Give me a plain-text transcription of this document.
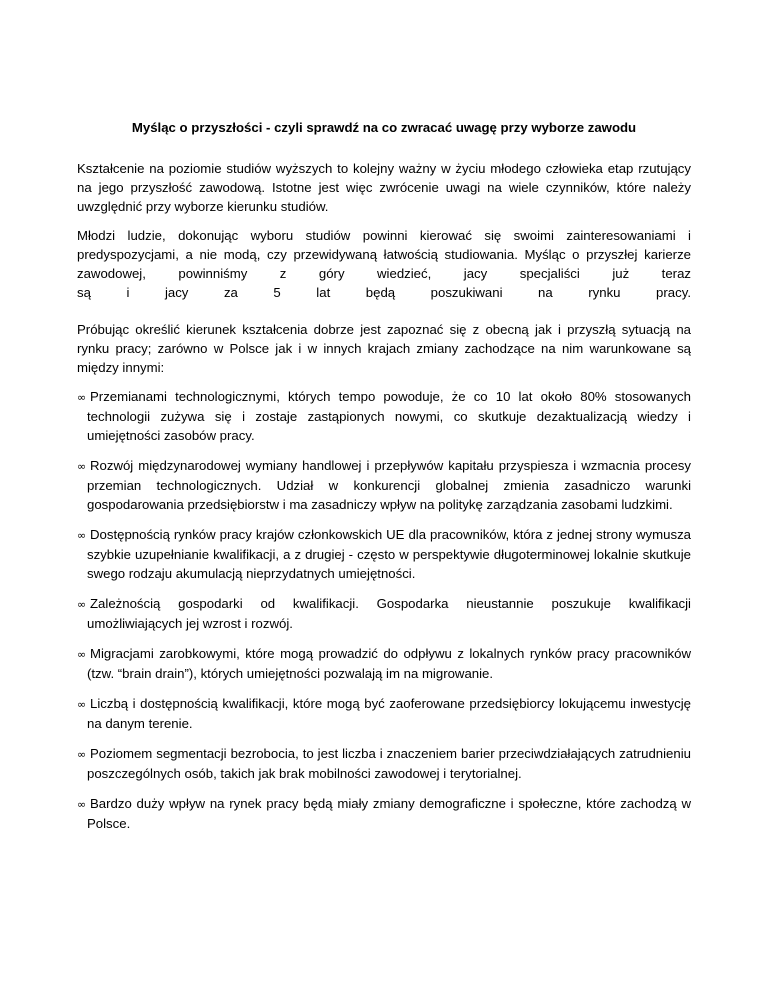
Myśląc o przyszłości - czyli sprawdź na co zwracać uwagę przy wyborze zawodu

Kształcenie na poziomie studiów wyższych to kolejny ważny w życiu młodego człowieka etap rzutujący na jego przyszłość zawodową. Istotne jest więc zwrócenie uwagi na wiele czynników, które należy uwzględnić przy wyborze kierunku studiów.

Młodzi ludzie, dokonując wyboru studiów powinni kierować się swoimi zainteresowaniami i predyspozycjami, a nie modą, czy przewidywaną łatwością studiowania. Myśląc o przyszłej karierze zawodowej, powinniśmy z góry wiedzieć, jacy specjaliści już teraz
są i jacy za 5 lat będą poszukiwani na rynku pracy.

Próbując określić kierunek kształcenia dobrze jest zapoznać się z obecną jak i przyszłą sytuacją na rynku pracy; zarówno w Polsce jak i w innych krajach zmiany zachodzące na nim warunkowane są między innymi:

∞ Przemianami technologicznymi, których tempo powoduje, że co 10 lat około 80% stosowanych technologii zużywa się i zostaje zastąpionych nowymi, co skutkuje dezaktualizacją wiedzy i umiejętności zasobów pracy.
∞ Rozwój międzynarodowej wymiany handlowej i przepływów kapitału przyspiesza i wzmacnia procesy przemian technologicznych. Udział w konkurencji globalnej zmienia zasadniczo warunki gospodarowania przedsiębiorstw i ma zasadniczy wpływ na politykę zarządzania zasobami ludzkimi.
∞ Dostępnością rynków pracy krajów członkowskich UE dla pracowników, która z jednej strony wymusza szybkie uzupełnianie kwalifikacji, a z drugiej - często w perspektywie długoterminowej lokalnie skutkuje swego rodzaju akumulacją nieprzydatnych umiejętności.
∞ Zależnością gospodarki od kwalifikacji. Gospodarka nieustannie poszukuje kwalifikacji umożliwiających jej wzrost i rozwój.
∞ Migracjami zarobkowymi, które mogą prowadzić do odpływu z lokalnych rynków pracy pracowników (tzw. “brain drain”), których umiejętności pozwalają im na migrowanie.
∞ Liczbą i dostępnością kwalifikacji, które mogą być zaoferowane przedsiębiorcy lokującemu inwestycję na danym terenie.
∞ Poziomem segmentacji bezrobocia, to jest liczba i znaczeniem barier przeciwdziałających zatrudnieniu poszczególnych osób, takich jak brak mobilności zawodowej i terytorialnej.
∞ Bardzo duży wpływ na rynek pracy będą miały zmiany demograficzne i społeczne, które zachodzą w Polsce.
